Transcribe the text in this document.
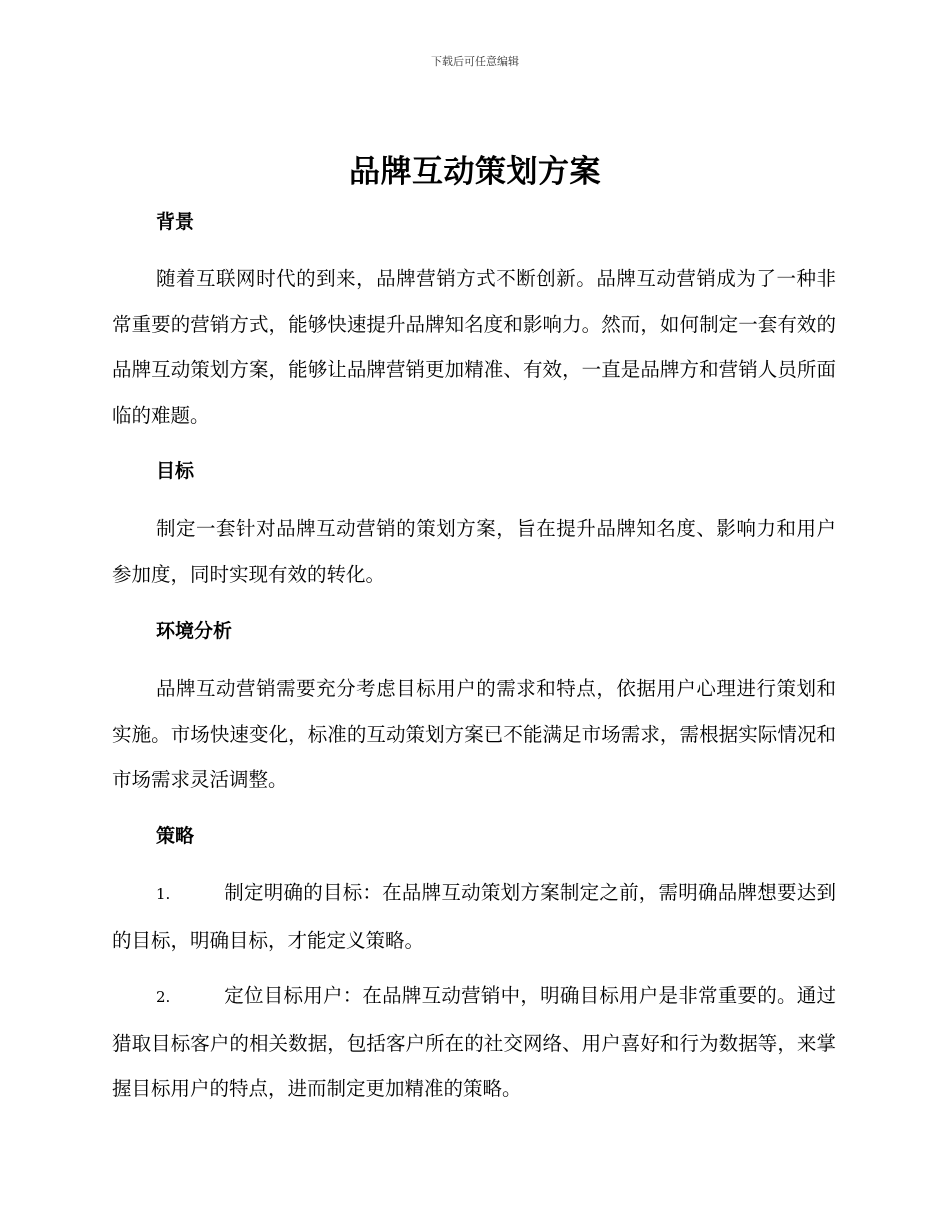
下载后可任意编辑
品牌互动策划方案
背景
随着互联网时代的到来，品牌营销方式不断创新。品牌互动营销成为了一种非常重要的营销方式，能够快速提升品牌知名度和影响力。然而，如何制定一套有效的品牌互动策划方案，能够让品牌营销更加精准、有效，一直是品牌方和营销人员所面临的难题。
目标
制定一套针对品牌互动营销的策划方案，旨在提升品牌知名度、影响力和用户参加度，同时实现有效的转化。
环境分析
品牌互动营销需要充分考虑目标用户的需求和特点，依据用户心理进行策划和实施。市场快速变化，标准的互动策划方案已不能满足市场需求，需根据实际情况和市场需求灵活调整。
策略
1.	制定明确的目标：在品牌互动策划方案制定之前，需明确品牌想要达到的目标，明确目标，才能定义策略。
2.	定位目标用户：在品牌互动营销中，明确目标用户是非常重要的。通过猎取目标客户的相关数据，包括客户所在的社交网络、用户喜好和行为数据等，来掌握目标用户的特点，进而制定更加精准的策略。
